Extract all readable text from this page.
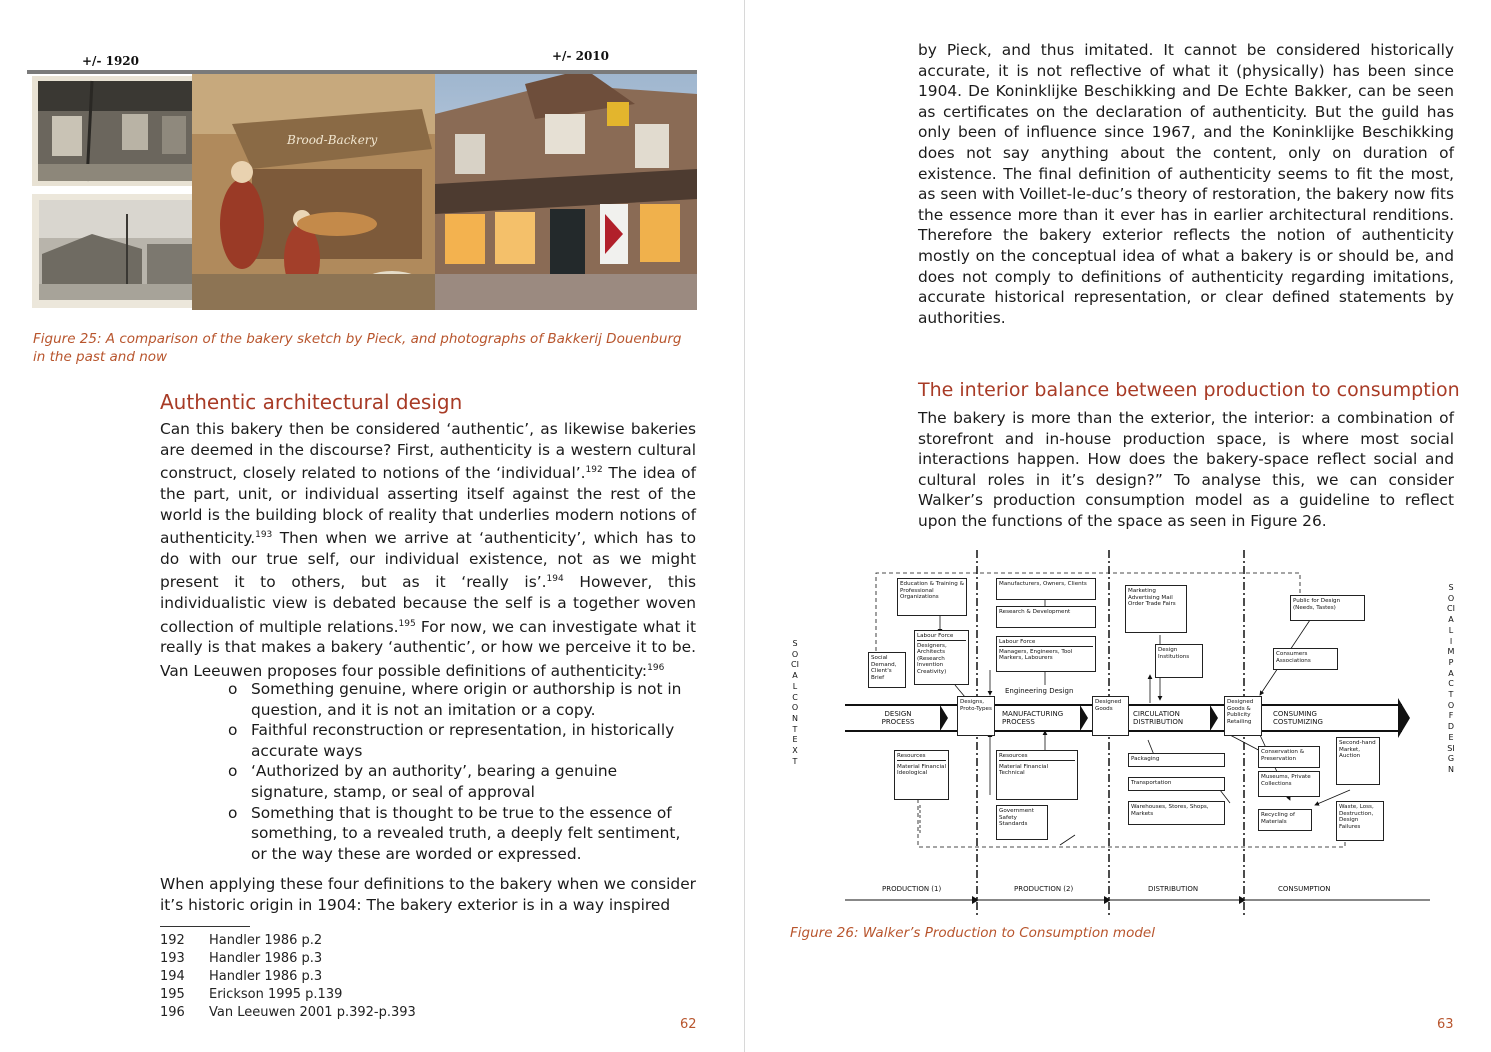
+/- 1920	+/- 2010
Brood-Backery
Figure 25: A comparison of the bakery sketch by Pieck, and photographs of Bakkerij Douenburg
in the past and now
Authentic architectural design
Can this bakery then be considered ‘authentic’, as likewise bakeries are deemed in the discourse? First, authenticity is a western cultural construct, closely related to notions of the ‘individual’.$^{192}$ The idea of the part, unit, or individual asserting itself against the rest of the world is the building block of reality that underlies modern notions of authenticity.$^{193}$ Then when we arrive at ‘authenticity’, which has to do with our true self, our individual existence, not as we might present it to others, but as it ‘really is’.$^{194}$ However, this individualistic view is debated because the self is a together woven collection of multiple relations.$^{195}$ For now, we can investigate what it really is that makes a bakery ‘authentic’, or how we perceive it to be. Van Leeuwen proposes four possible definitions of authenticity:$^{196}$
o Something genuine, where origin or authorship is not in question, and it is not an imitation or a copy.
o Faithful reconstruction or representation, in historically accurate ways
o ‘Authorized by an authority’, bearing a genuine signature, stamp, or seal of approval
o Something that is thought to be true to the essence of something, to a revealed truth, a deeply felt sentiment, or the way these are worded or expressed.
When applying these four definitions to the bakery when we consider it’s historic origin in 1904: The bakery exterior is in a way inspired
192 Handler 1986 p.2
193 Handler 1986 p.3
194 Handler 1986 p.3
195 Erickson 1995 p.139
196 Van Leeuwen 2001 p.392-p.393
62
by Pieck, and thus imitated. It cannot be considered historically accurate, it is not reflective of what it (physically) has been since 1904. De Koninklijke Beschikking and De Echte Bakker, can be seen as certificates on the declaration of authenticity. But the guild has only been of influence since 1967, and the Koninklijke Beschikking does not say anything about the content, only on duration of existence. The final definition of authenticity seems to fit the most, as seen with Voillet-le-duc’s theory of restoration, the bakery now fits the essence more than it ever has in earlier architectural renditions. Therefore the bakery exterior reflects the notion of authenticity mostly on the conceptual idea of what a bakery is or should be, and does not comply to definitions of authenticity regarding imitations, accurate historical representation, or clear defined statements by authorities.
The interior balance between production to consumption
The bakery is more than the exterior, the interior: a combination of storefront and in-house production space, is where most social interactions happen. How does the bakery-space reflect social and cultural roles in it’s design?” To analyse this, we can consider Walker’s production consumption model as a guideline to reflect upon the functions of the space as seen in Figure 26.
SOCIAL CONTEXT
SOCIAL IMPACT OF DESIGN
Education & Training & Professional Organizations
Labour Force
Designers, Architects (Research Invention Creativity)
Social Demand, Client's Brief
Manufacturers, Owners, Clients
Research & Development
Labour Force
Managers, Engineers, Tool Markers, Labourers
Engineering Design
Marketing Advertising Mail Order Trade Fairs
Design Institutions
Public for Design (Needs, Tastes)
Consumers Associations
DESIGN PROCESS
Designs, Proto-Types
MANUFACTURING PROCESS
Designed Goods
CIRCULATION DISTRIBUTION
Designed Goods & Publicity Retailing
CONSUMING COSTUMIZING
Resources
Material Financial Ideological
Resources
Material Financial Technical
Government Safety Standards
Packaging
Transportation
Warehouses, Stores, Shops, Markets
Conservation & Preservation
Museums, Private Collections
Second-hand Market, Auction
Recycling of Materials
Waste, Loss, Destruction, Design Failures
PRODUCTION (1)	PRODUCTION (2)	DISTRIBUTION	CONSUMPTION
Figure 26: Walker’s Production to Consumption model
63
